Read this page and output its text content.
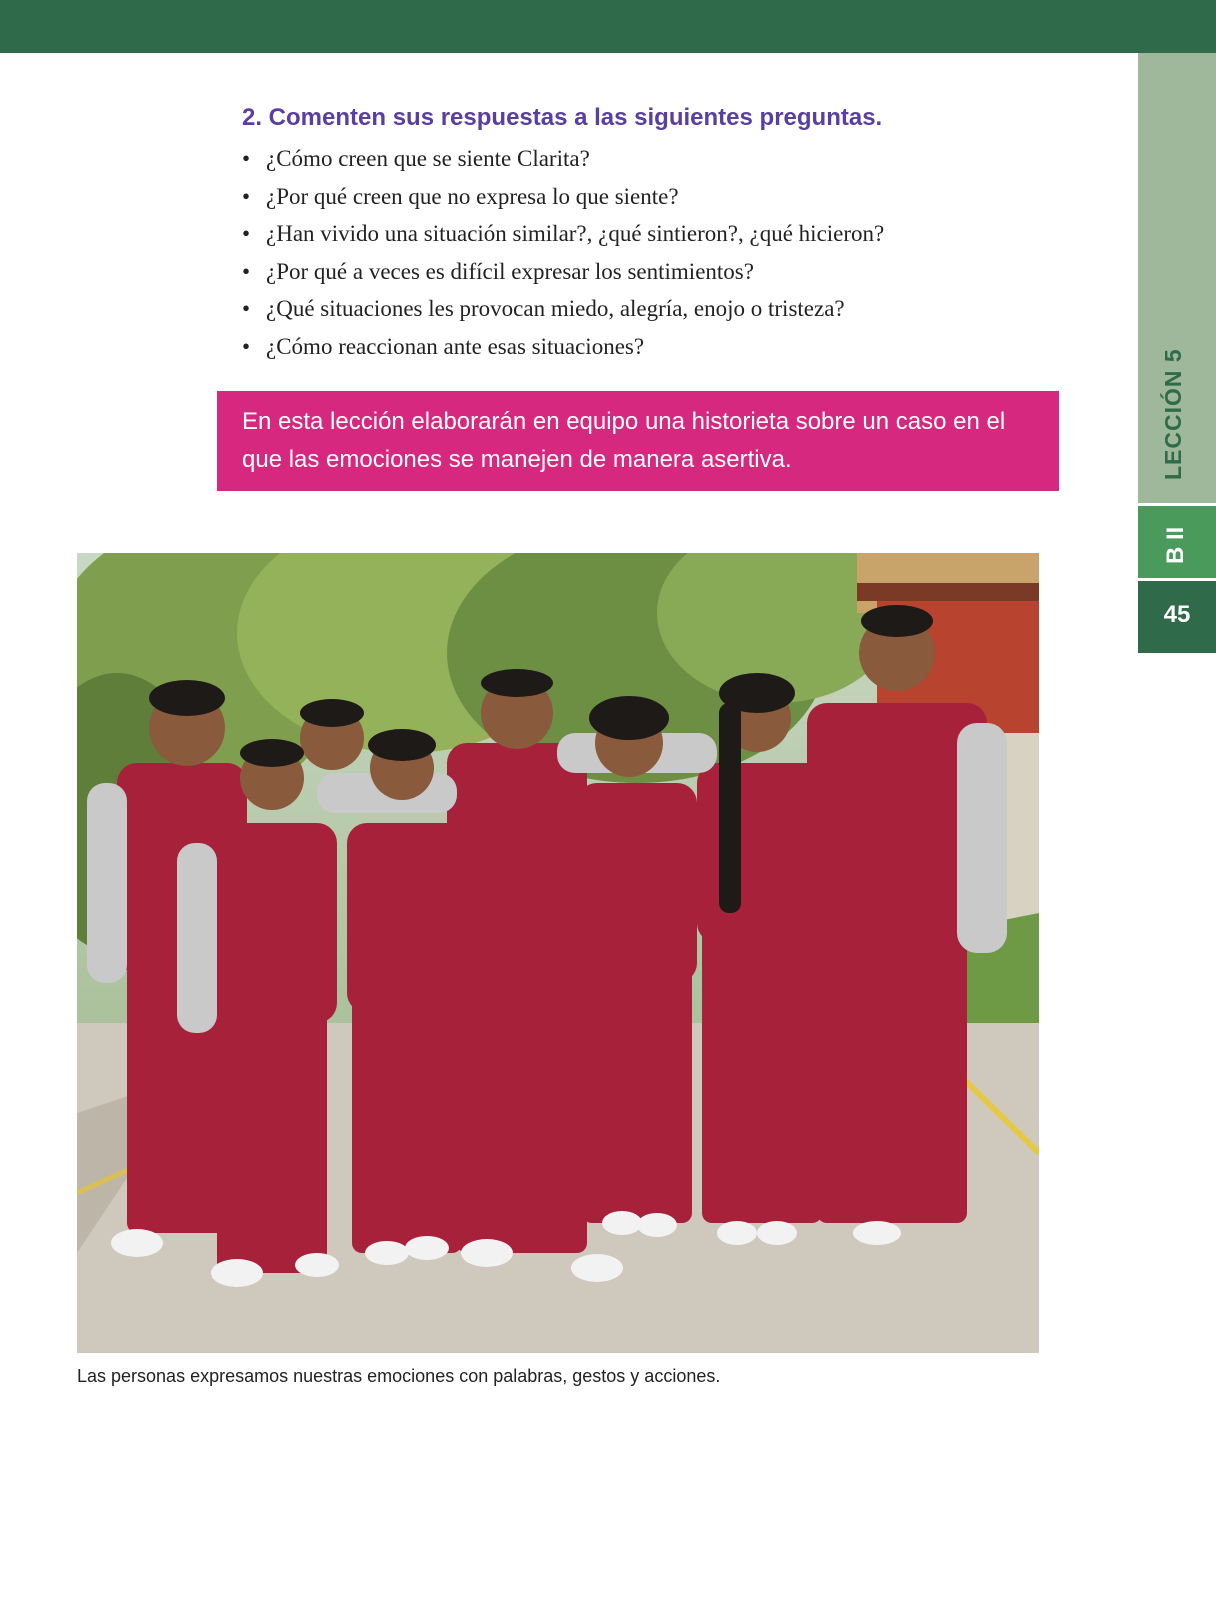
LECCIÓN 5
B II
45
2. Comenten sus respuestas a las siguientes preguntas.
• ¿Cómo creen que se siente Clarita?
• ¿Por qué creen que no expresa lo que siente?
• ¿Han vivido una situación similar?, ¿qué sintieron?, ¿qué hicieron?
• ¿Por qué a veces es difícil expresar los sentimientos?
• ¿Qué situaciones les provocan miedo, alegría, enojo o tristeza?
• ¿Cómo reaccionan ante esas situaciones?

En esta lección elaborarán en equipo una historieta sobre un caso en el que las emociones se manejen de manera asertiva.

Las personas expresamos nuestras emociones con palabras, gestos y acciones.
